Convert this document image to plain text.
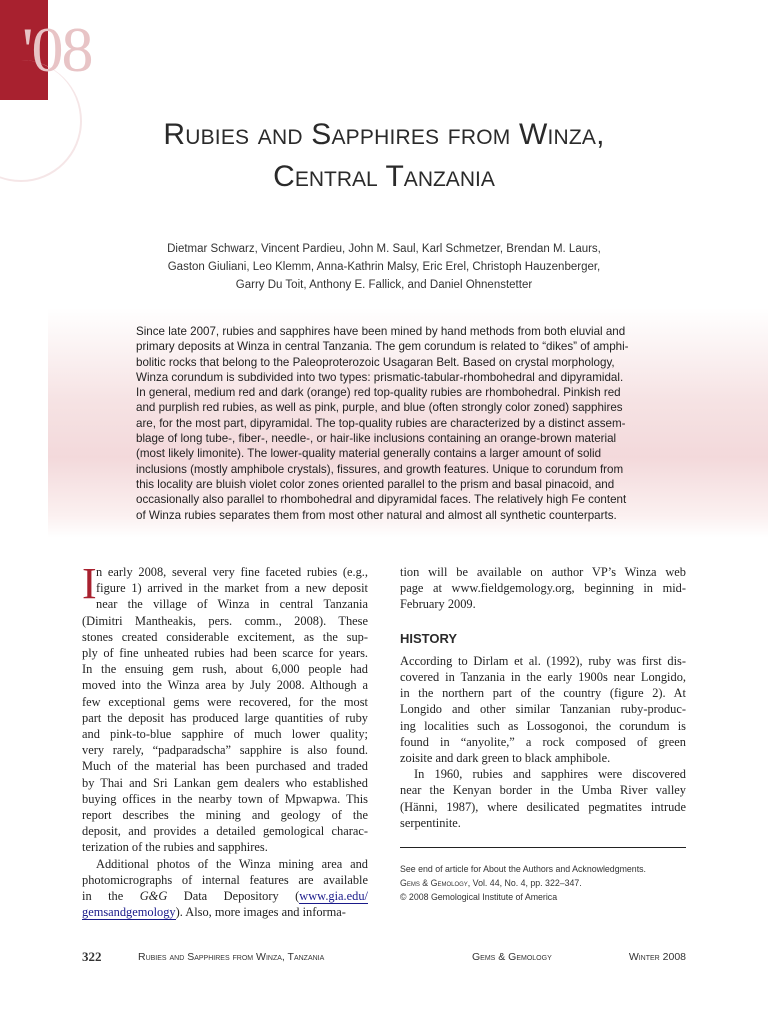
'08
Rubies and Sapphires from Winza,
Central Tanzania
Dietmar Schwarz, Vincent Pardieu, John M. Saul, Karl Schmetzer, Brendan M. Laurs,
Gaston Giuliani, Leo Klemm, Anna-Kathrin Malsy, Eric Erel, Christoph Hauzenberger,
Garry Du Toit, Anthony E. Fallick, and Daniel Ohnenstetter
Since late 2007, rubies and sapphires have been mined by hand methods from both eluvial and
primary deposits at Winza in central Tanzania. The gem corundum is related to “dikes” of amphi-
bolitic rocks that belong to the Paleoproterozoic Usagaran Belt. Based on crystal morphology,
Winza corundum is subdivided into two types: prismatic-tabular-rhombohedral and dipyramidal.
In general, medium red and dark (orange) red top-quality rubies are rhombohedral. Pinkish red
and purplish red rubies, as well as pink, purple, and blue (often strongly color zoned) sapphires
are, for the most part, dipyramidal. The top-quality rubies are characterized by a distinct assem-
blage of long tube-, fiber-, needle-, or hair-like inclusions containing an orange-brown material
(most likely limonite). The lower-quality material generally contains a larger amount of solid
inclusions (mostly amphibole crystals), fissures, and growth features. Unique to corundum from
this locality are bluish violet color zones oriented parallel to the prism and basal pinacoid, and
occasionally also parallel to rhombohedral and dipyramidal faces. The relatively high Fe content
of Winza rubies separates them from most other natural and almost all synthetic counterparts.
I n early 2008, several very fine faceted rubies (e.g.,
figure 1) arrived in the market from a new deposit
near the village of Winza in central Tanzania
(Dimitri Mantheakis, pers. comm., 2008). These
stones created considerable excitement, as the sup-
ply of fine unheated rubies had been scarce for years.
In the ensuing gem rush, about 6,000 people had
moved into the Winza area by July 2008. Although a
few exceptional gems were recovered, for the most
part the deposit has produced large quantities of ruby
and pink-to-blue sapphire of much lower quality;
very rarely, “padparadscha” sapphire is also found.
Much of the material has been purchased and traded
by Thai and Sri Lankan gem dealers who established
buying offices in the nearby town of Mpwapwa. This
report describes the mining and geology of the
deposit, and provides a detailed gemological charac-
terization of the rubies and sapphires.
Additional photos of the Winza mining area and
photomicrographs of internal features are available
in the G&G Data Depository (www.gia.edu/
gemsandgemology). Also, more images and informa-
tion will be available on author VP’s Winza web
page at www.fieldgemology.org, beginning in mid-
February 2009.
HISTORY
According to Dirlam et al. (1992), ruby was first dis-
covered in Tanzania in the early 1900s near Longido,
in the northern part of the country (figure 2). At
Longido and other similar Tanzanian ruby-produc-
ing localities such as Lossogonoi, the corundum is
found in “anyolite,” a rock composed of green
zoisite and dark green to black amphibole.
In 1960, rubies and sapphires were discovered
near the Kenyan border in the Umba River valley
(Hänni, 1987), where desilicated pegmatites intrude
serpentinite.
See end of article for About the Authors and Acknowledgments.
Gems & Gemology, Vol. 44, No. 4, pp. 322–347.
© 2008 Gemological Institute of America
322	Rubies and Sapphires from Winza, Tanzania	Gems & Gemology	Winter 2008
